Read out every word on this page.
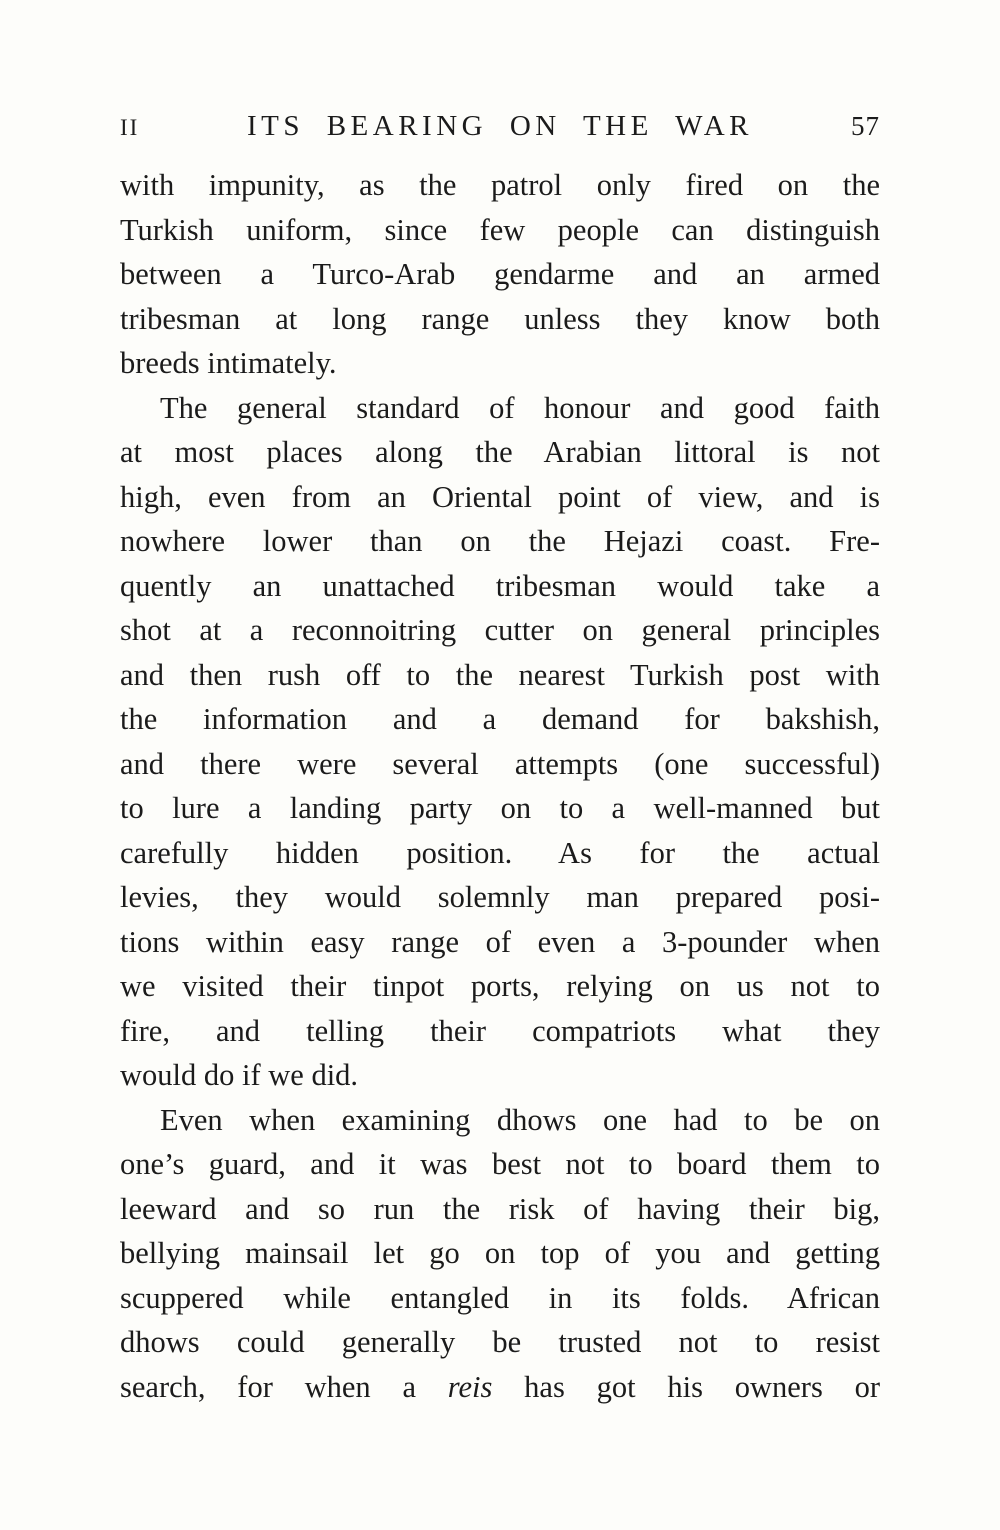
II	ITS BEARING ON THE WAR	57
with impunity, as the patrol only fired on the
Turkish uniform, since few people can distinguish
between a Turco-Arab gendarme and an armed
tribesman at long range unless they know both
breeds intimately.
The general standard of honour and good faith
at most places along the Arabian littoral is not
high, even from an Oriental point of view, and is
nowhere lower than on the Hejazi coast. Fre-
quently an unattached tribesman would take a
shot at a reconnoitring cutter on general principles
and then rush off to the nearest Turkish post with
the information and a demand for bakshish,
and there were several attempts (one successful)
to lure a landing party on to a well-manned but
carefully hidden position. As for the actual
levies, they would solemnly man prepared posi-
tions within easy range of even a 3-pounder when
we visited their tinpot ports, relying on us not to
fire, and telling their compatriots what they
would do if we did.
Even when examining dhows one had to be on
one’s guard, and it was best not to board them to
leeward and so run the risk of having their big,
bellying mainsail let go on top of you and getting
scuppered while entangled in its folds. African
dhows could generally be trusted not to resist
search, for when a reis has got his owners or
